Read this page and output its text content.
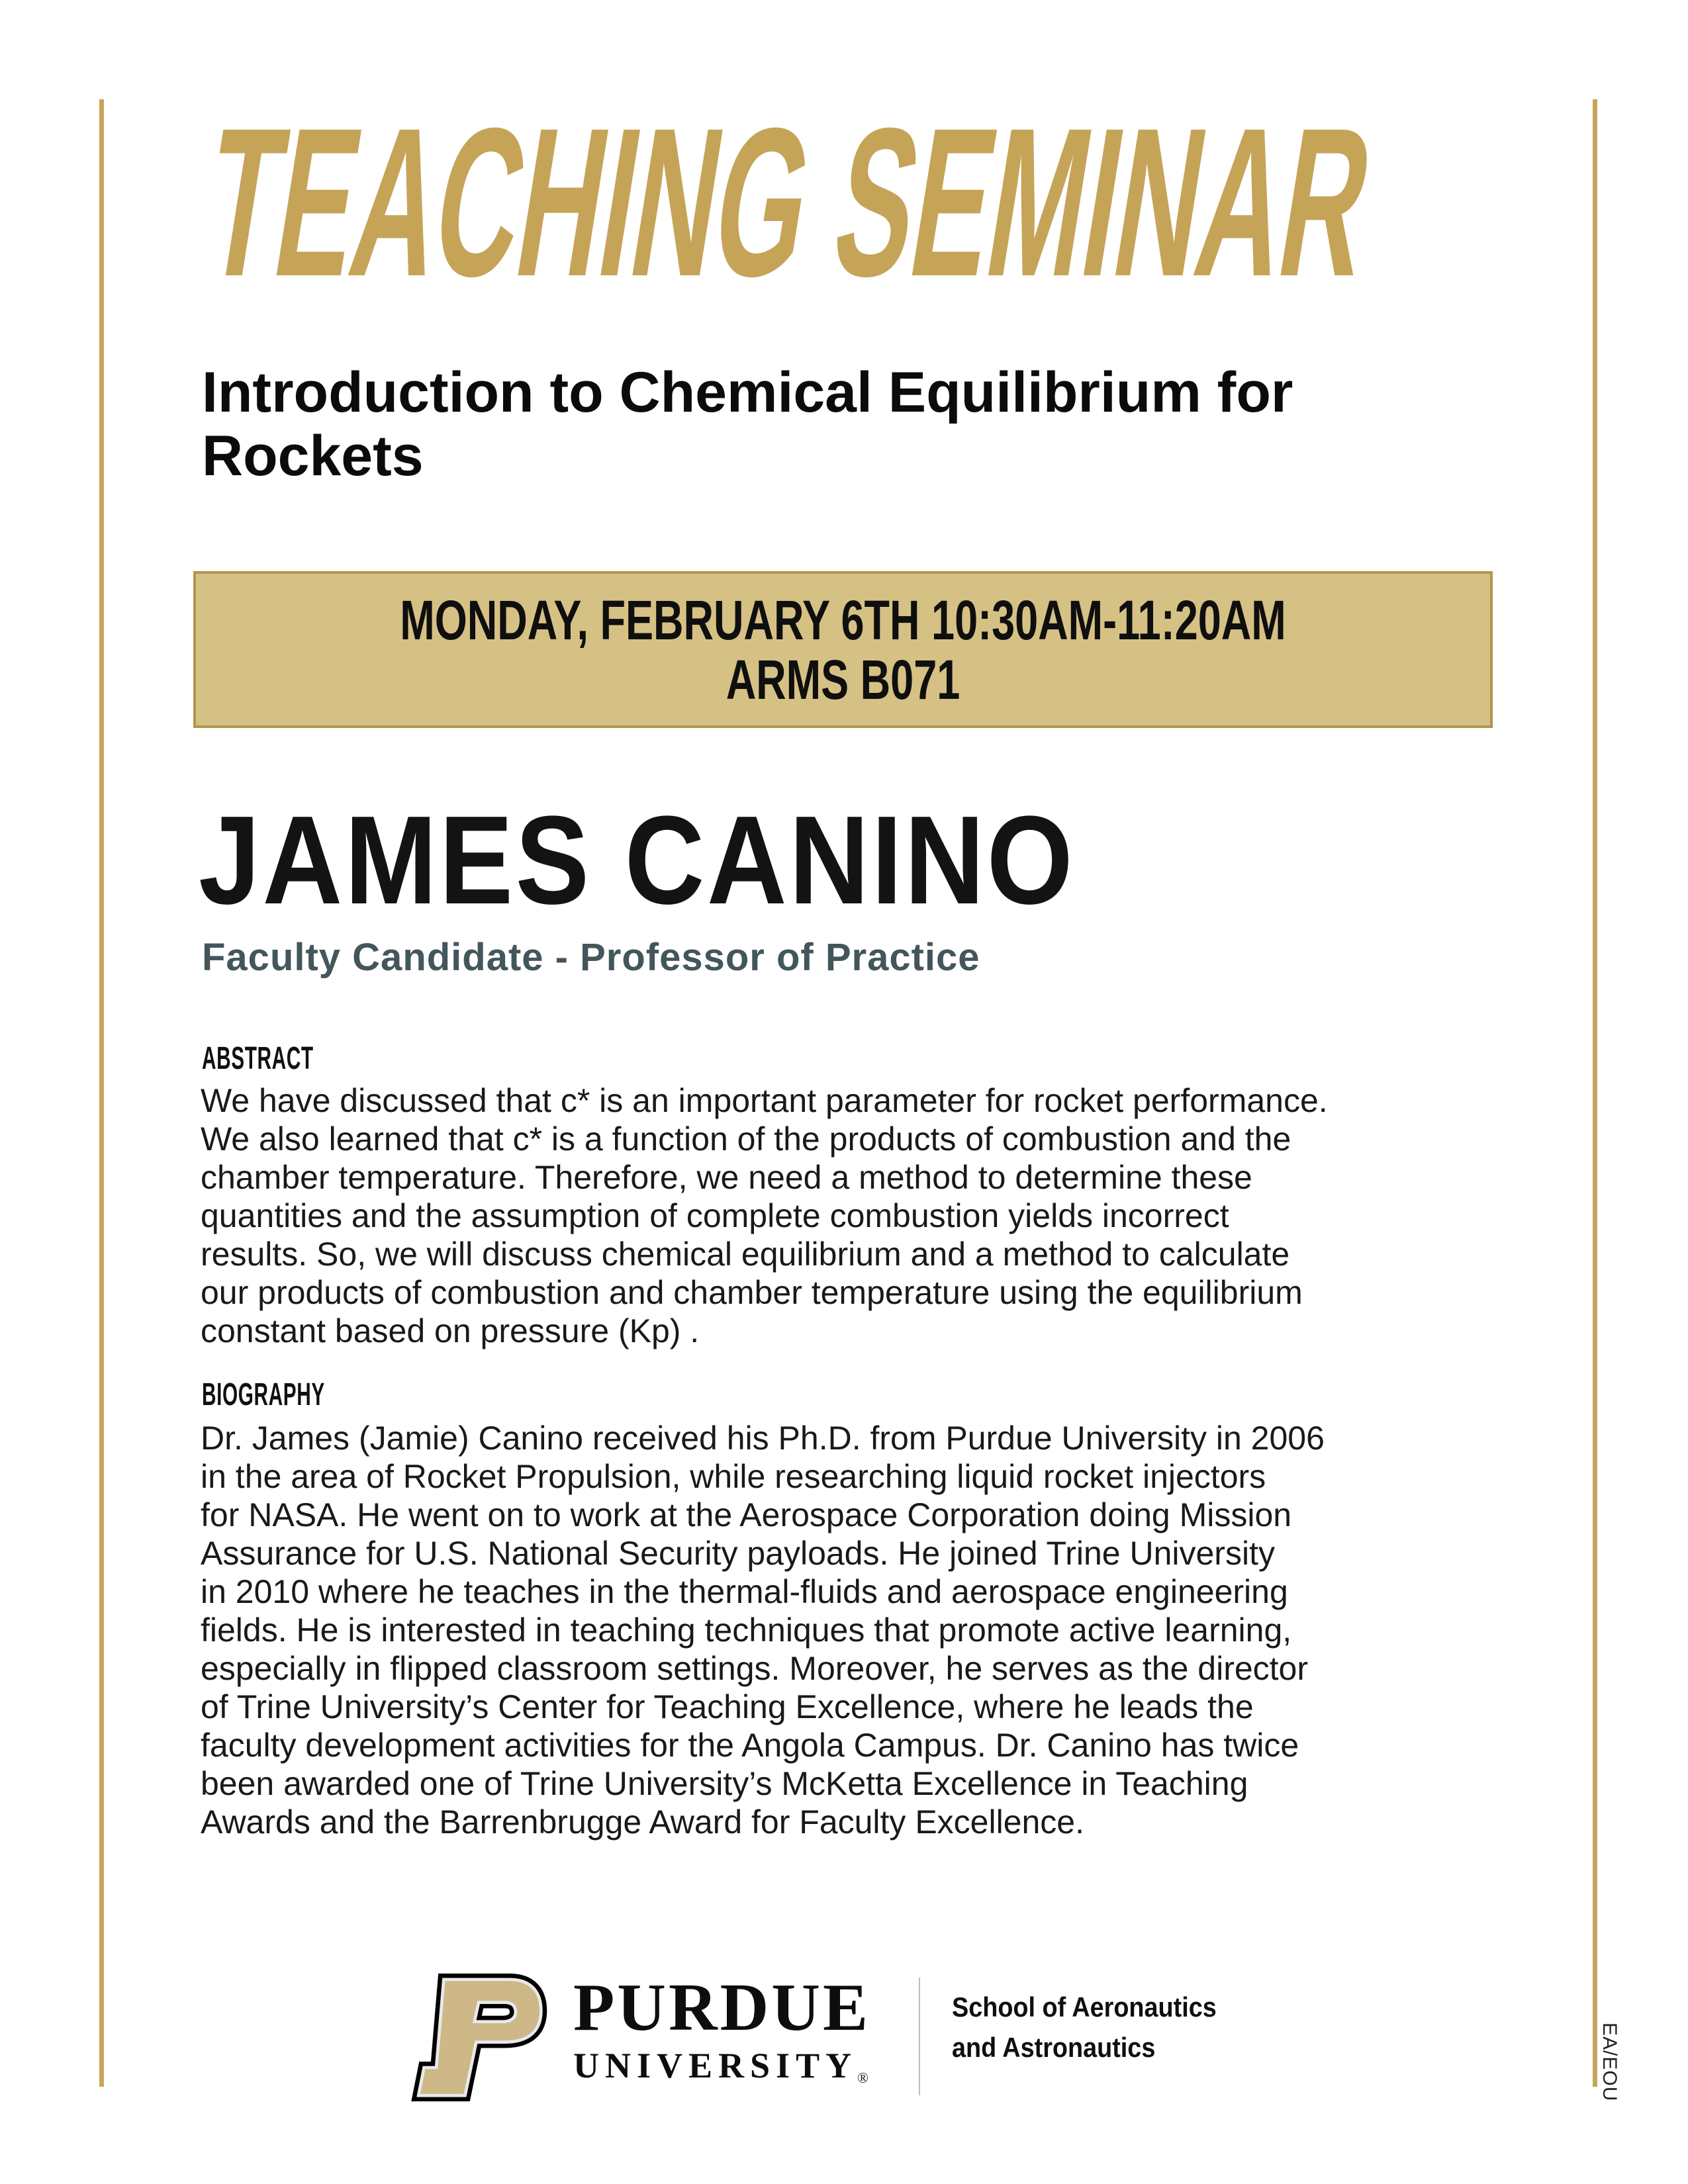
TEACHING SEMINAR
Introduction to Chemical Equilibrium for
Rockets
MONDAY, FEBRUARY 6TH 10:30AM-11:20AM
ARMS B071
JAMES CANINO
Faculty Candidate - Professor of Practice
ABSTRACT
We have discussed that c* is an important parameter for rocket performance.
We also learned that c* is a function of the products of combustion and the
chamber temperature. Therefore, we need a method to determine these
quantities and the assumption of complete combustion yields incorrect
results. So, we will discuss chemical equilibrium and a method to calculate
our products of combustion and chamber temperature using the equilibrium
constant based on pressure (Kp) .
BIOGRAPHY
Dr. James (Jamie) Canino received his Ph.D. from Purdue University in 2006
in the area of Rocket Propulsion, while researching liquid rocket injectors
for NASA. He went on to work at the Aerospace Corporation doing Mission
Assurance for U.S. National Security payloads. He joined Trine University
in 2010 where he teaches in the thermal-fluids and aerospace engineering
fields. He is interested in teaching techniques that promote active learning,
especially in flipped classroom settings. Moreover, he serves as the director
of Trine University’s Center for Teaching Excellence, where he leads the
faculty development activities for the Angola Campus. Dr. Canino has twice
been awarded one of Trine University’s McKetta Excellence in Teaching
Awards and the Barrenbrugge Award for Faculty Excellence.
PURDUE
UNIVERSITY®
School of Aeronautics
and Astronautics	EA/EOU
